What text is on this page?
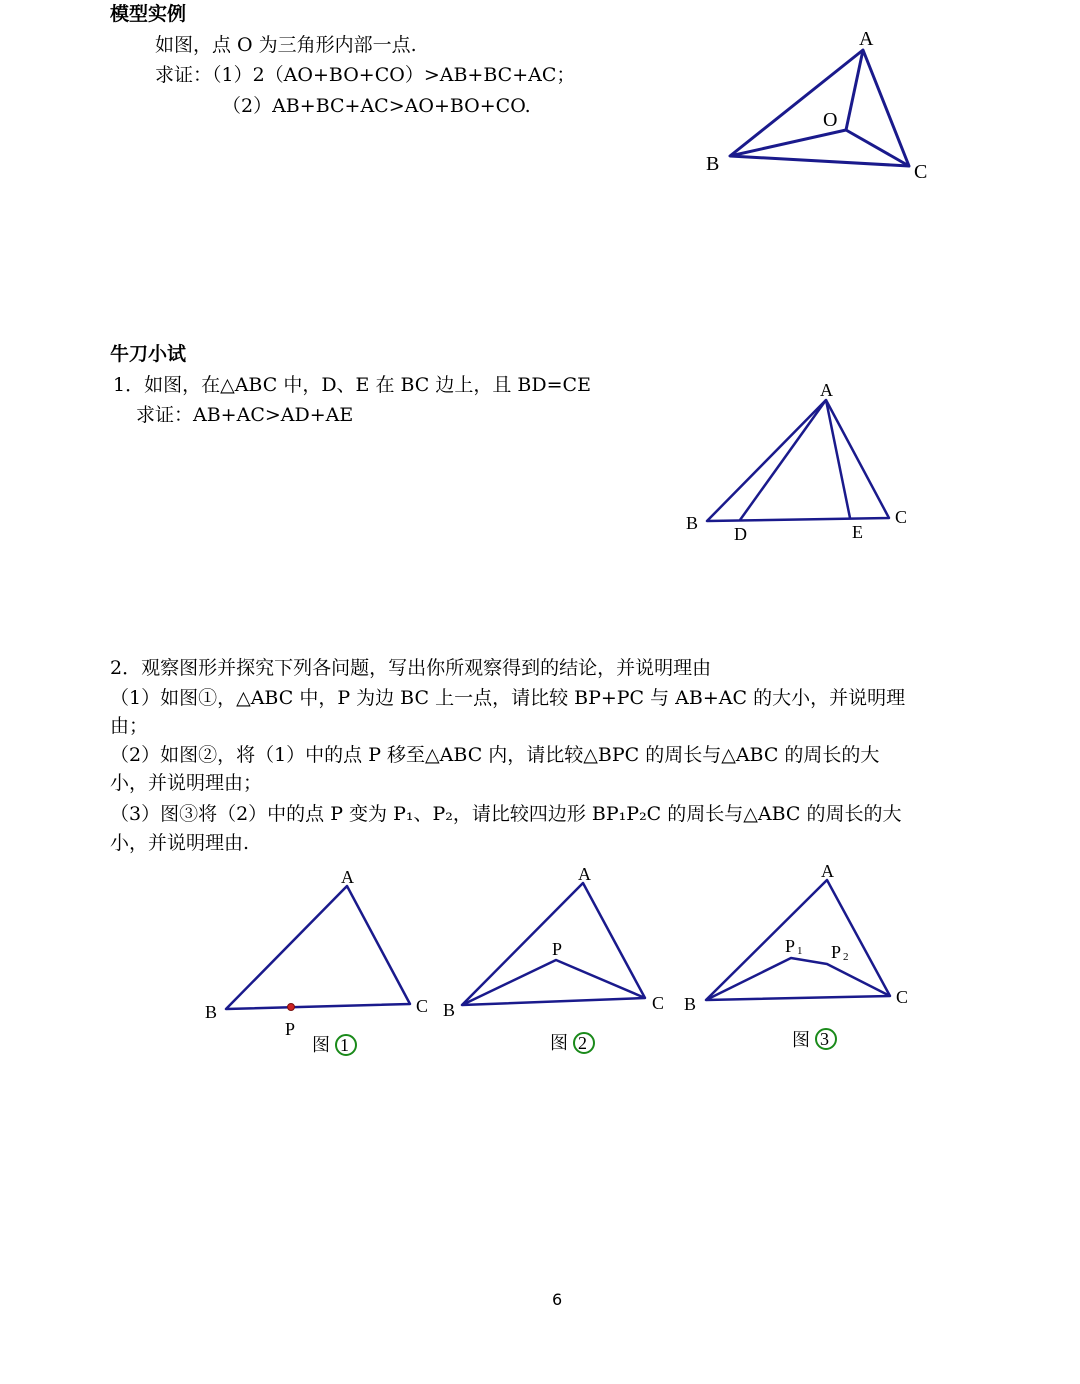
模型实例
如图，点 O 为三角形内部一点.
求证：（1）2（AO+BO+CO）>AB+BC+AC；
（2）AB+BC+AC>AO+BO+CO.
A
B	C
O
牛刀小试
1．如图，在△ABC 中，D、E 在 BC 边上，且 BD=CE
求证：AB+AC>AD+AE
A
B	C
D	E
2．观察图形并探究下列各问题，写出你所观察得到的结论，并说明理由
（1）如图①，△ABC 中，P 为边 BC 上一点，请比较 BP+PC 与 AB+AC 的大小，并说明理
由；
（2）如图②，将（1）中的点 P 移至△ABC 内，请比较△BPC 的周长与△ABC 的周长的大
小，并说明理由；
（3）图③将（2）中的点 P 变为 P₁、P₂，请比较四边形 BP₁P₂C 的周长与△ABC 的周长的大
小，并说明理由.
A
B	C
P
图 1
A
B	C
P
图 2
A
B	C
P 1 P 2
图 3
6
